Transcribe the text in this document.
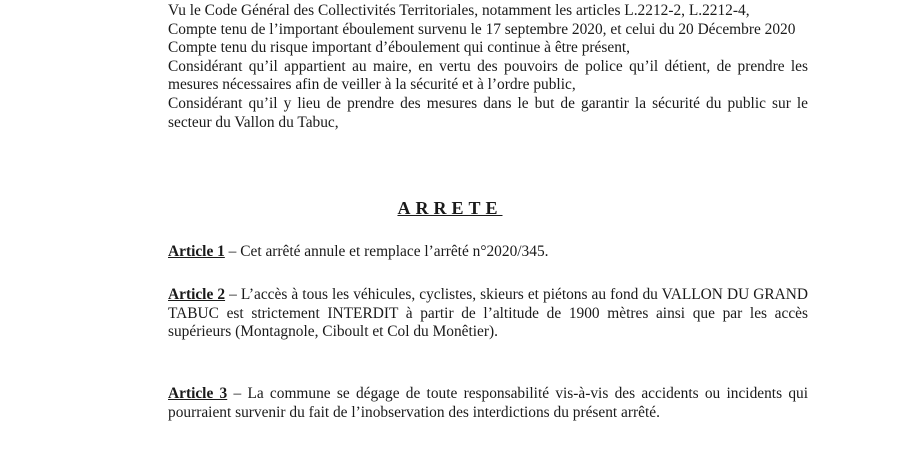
Vu le Code Général des Collectivités Territoriales, notamment les articles L.2212-2, L.2212-4,

Compte tenu de l’important éboulement survenu le 17 septembre 2020, et celui du 20 Décembre 2020

Compte tenu du risque important d’éboulement qui continue à être présent,

Considérant qu’il appartient au maire, en vertu des pouvoirs de police qu’il détient, de prendre les mesures nécessaires afin de veiller à la sécurité et à l’ordre public,

Considérant qu’il y lieu de prendre des mesures dans le but de garantir la sécurité du public sur le secteur du Vallon du Tabuc,

ARRETE

Article 1 – Cet arrêté annule et remplace l’arrêté n°2020/345.

Article 2 – L’accès à tous les véhicules, cyclistes, skieurs et piétons au fond du VALLON DU GRAND TABUC est strictement INTERDIT à partir de l’altitude de 1900 mètres ainsi que par les accès supérieurs (Montagnole, Ciboult et Col du Monêtier).

Article 3 – La commune se dégage de toute responsabilité vis-à-vis des accidents ou incidents qui pourraient survenir du fait de l’inobservation des interdictions du présent arrêté.
